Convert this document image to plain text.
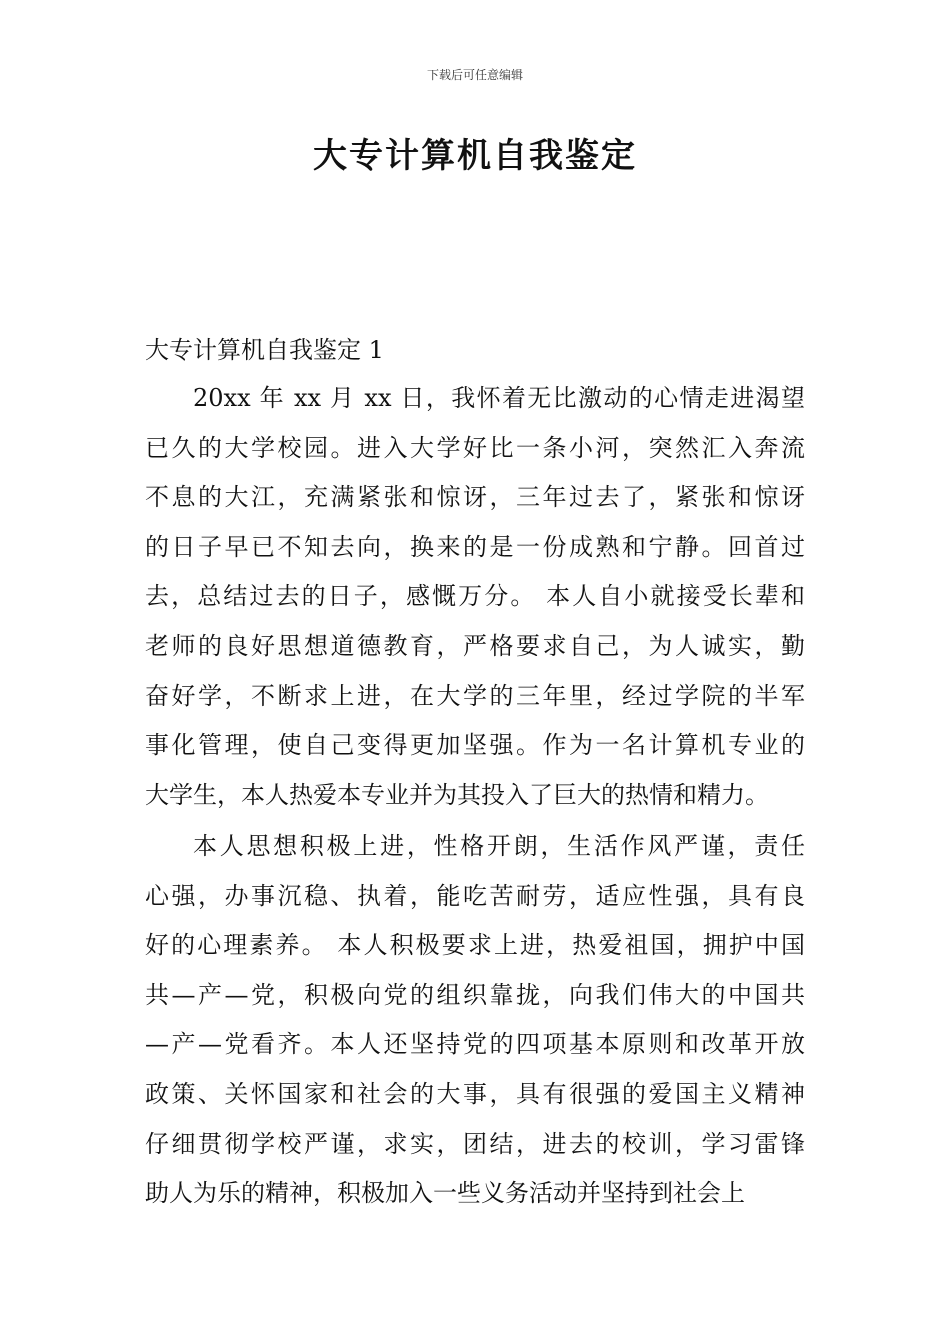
下载后可任意编辑
大专计算机自我鉴定
大专计算机自我鉴定 1
20xx 年 xx 月 xx 日，我怀着无比激动的心情走进渴望
已久的大学校园。进入大学好比一条小河，突然汇入奔流
不息的大江，充满紧张和惊讶，三年过去了，紧张和惊讶
的日子早已不知去向，换来的是一份成熟和宁静。回首过
去，总结过去的日子，感慨万分。 本人自小就接受长辈和
老师的良好思想道德教育，严格要求自己，为人诚实，勤
奋好学，不断求上进，在大学的三年里，经过学院的半军
事化管理，使自己变得更加坚强。作为一名计算机专业的
大学生，本人热爱本专业并为其投入了巨大的热情和精力。
本人思想积极上进，性格开朗，生活作风严谨，责任
心强，办事沉稳、执着，能吃苦耐劳，适应性强，具有良
好的心理素养。 本人积极要求上进，热爱祖国，拥护中国
共—产—党，积极向党的组织靠拢，向我们伟大的中国共
—产—党看齐。本人还坚持党的四项基本原则和改革开放
政策、关怀国家和社会的大事，具有很强的爱国主义精神
仔细贯彻学校严谨，求实，团结，进去的校训，学习雷锋
助人为乐的精神，积极加入一些义务活动并坚持到社会上
